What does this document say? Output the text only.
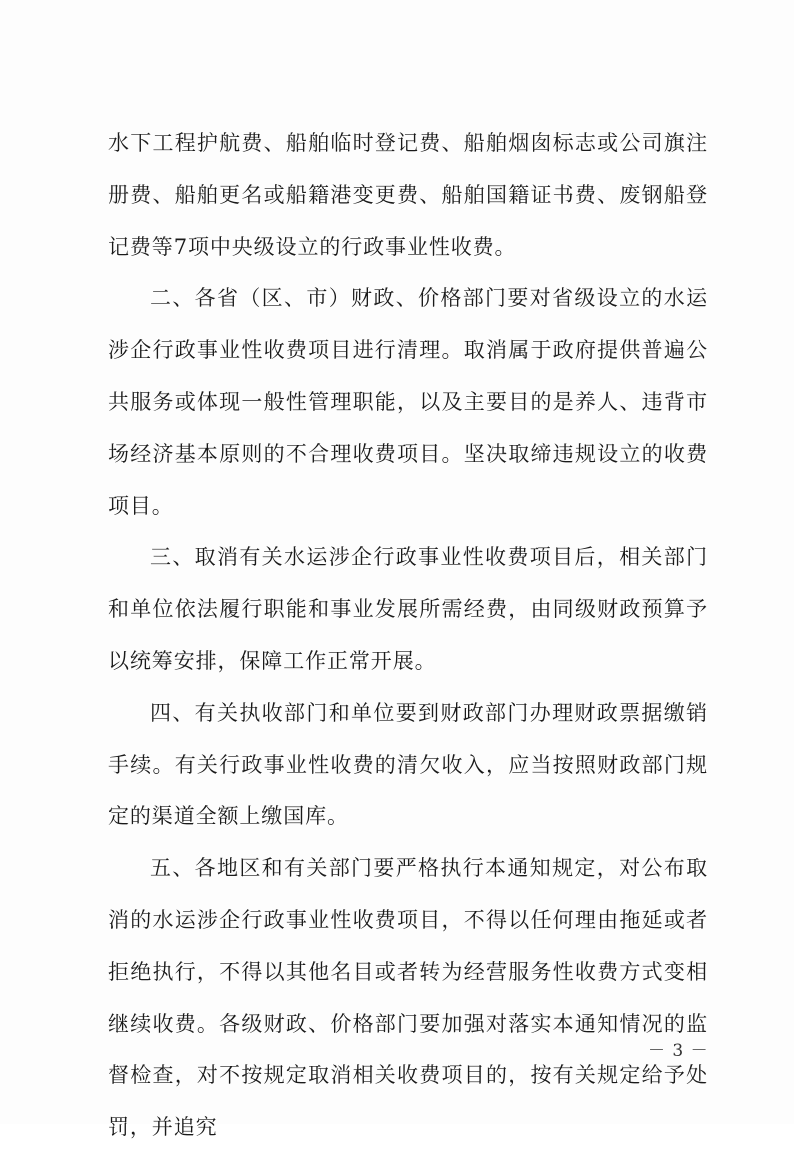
水下工程护航费、船舶临时登记费、船舶烟囱标志或公司旗注册费、船舶更名或船籍港变更费、船舶国籍证书费、废钢船登记费等7项中央级设立的行政事业性收费。

二、各省（区、市）财政、价格部门要对省级设立的水运涉企行政事业性收费项目进行清理。取消属于政府提供普遍公共服务或体现一般性管理职能，以及主要目的是养人、违背市场经济基本原则的不合理收费项目。坚决取缔违规设立的收费项目。

三、取消有关水运涉企行政事业性收费项目后，相关部门和单位依法履行职能和事业发展所需经费，由同级财政预算予以统筹安排，保障工作正常开展。

四、有关执收部门和单位要到财政部门办理财政票据缴销手续。有关行政事业性收费的清欠收入，应当按照财政部门规定的渠道全额上缴国库。

五、各地区和有关部门要严格执行本通知规定，对公布取消的水运涉企行政事业性收费项目，不得以任何理由拖延或者拒绝执行，不得以其他名目或者转为经营服务性收费方式变相继续收费。各级财政、价格部门要加强对落实本通知情况的监督检查，对不按规定取消相关收费项目的，按有关规定给予处罚，并追究

－ 3 －
